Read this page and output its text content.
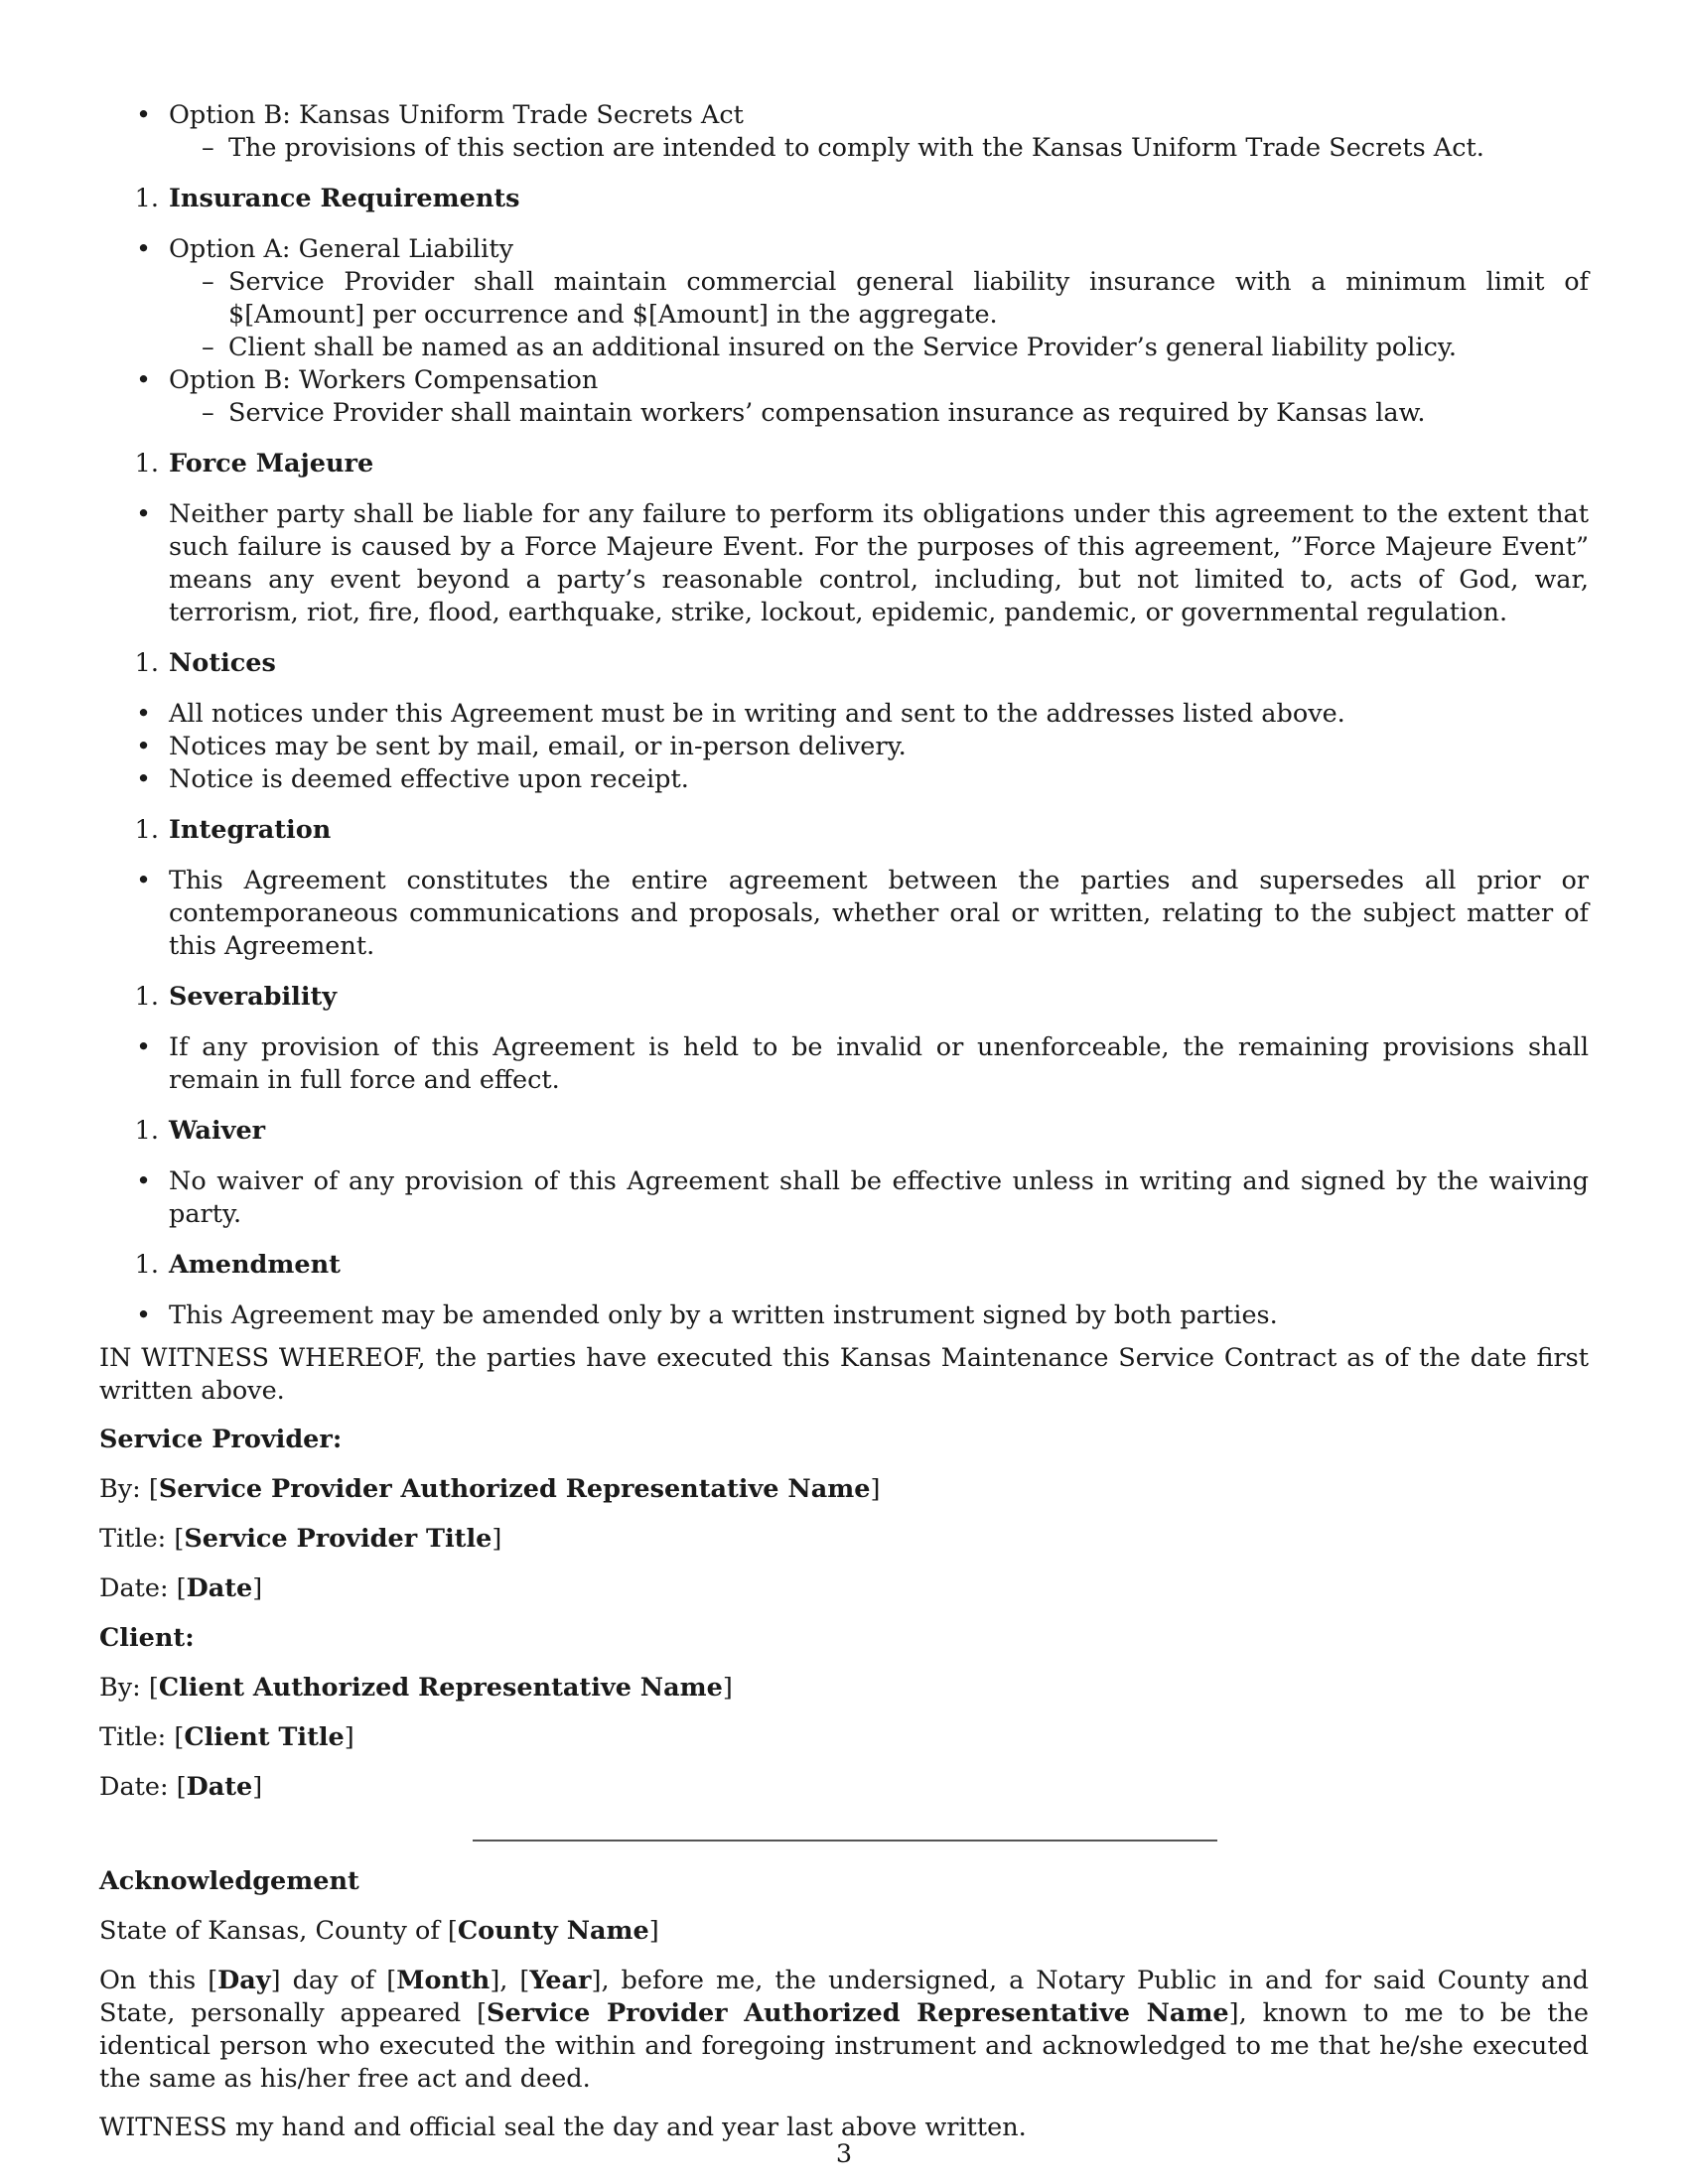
• Option B: Kansas Uniform Trade Secrets Act
– The provisions of this section are intended to comply with the Kansas Uniform Trade Secrets Act.
1. Insurance Requirements
• Option A: General Liability
– Service Provider shall maintain commercial general liability insurance with a minimum limit of $[Amount] per occurrence and $[Amount] in the aggregate.
– Client shall be named as an additional insured on the Service Provider’s general liability policy.
• Option B: Workers Compensation
– Service Provider shall maintain workers’ compensation insurance as required by Kansas law.
1. Force Majeure
• Neither party shall be liable for any failure to perform its obligations under this agreement to the extent that such failure is caused by a Force Majeure Event. For the purposes of this agreement, ”Force Majeure Event” means any event beyond a party’s reasonable control, including, but not limited to, acts of God, war, terrorism, riot, fire, flood, earthquake, strike, lockout, epidemic, pandemic, or governmental regulation.
1. Notices
• All notices under this Agreement must be in writing and sent to the addresses listed above.
• Notices may be sent by mail, email, or in-person delivery.
• Notice is deemed effective upon receipt.
1. Integration
• This Agreement constitutes the entire agreement between the parties and supersedes all prior or contemporaneous communications and proposals, whether oral or written, relating to the subject matter of this Agreement.
1. Severability
• If any provision of this Agreement is held to be invalid or unenforceable, the remaining provisions shall remain in full force and effect.
1. Waiver
• No waiver of any provision of this Agreement shall be effective unless in writing and signed by the waiving party.
1. Amendment
• This Agreement may be amended only by a written instrument signed by both parties.

IN WITNESS WHEREOF, the parties have executed this Kansas Maintenance Service Contract as of the date first written above.

Service Provider:

By: [Service Provider Authorized Representative Name]

Title: [Service Provider Title]

Date: [Date]

Client:

By: [Client Authorized Representative Name]

Title: [Client Title]

Date: [Date]

Acknowledgement

State of Kansas, County of [County Name]

On this [Day] day of [Month], [Year], before me, the undersigned, a Notary Public in and for said County and State, personally appeared [Service Provider Authorized Representative Name], known to me to be the identical person who executed the within and foregoing instrument and acknowledged to me that he/she executed the same as his/her free act and deed.

WITNESS my hand and official seal the day and year last above written.

3
